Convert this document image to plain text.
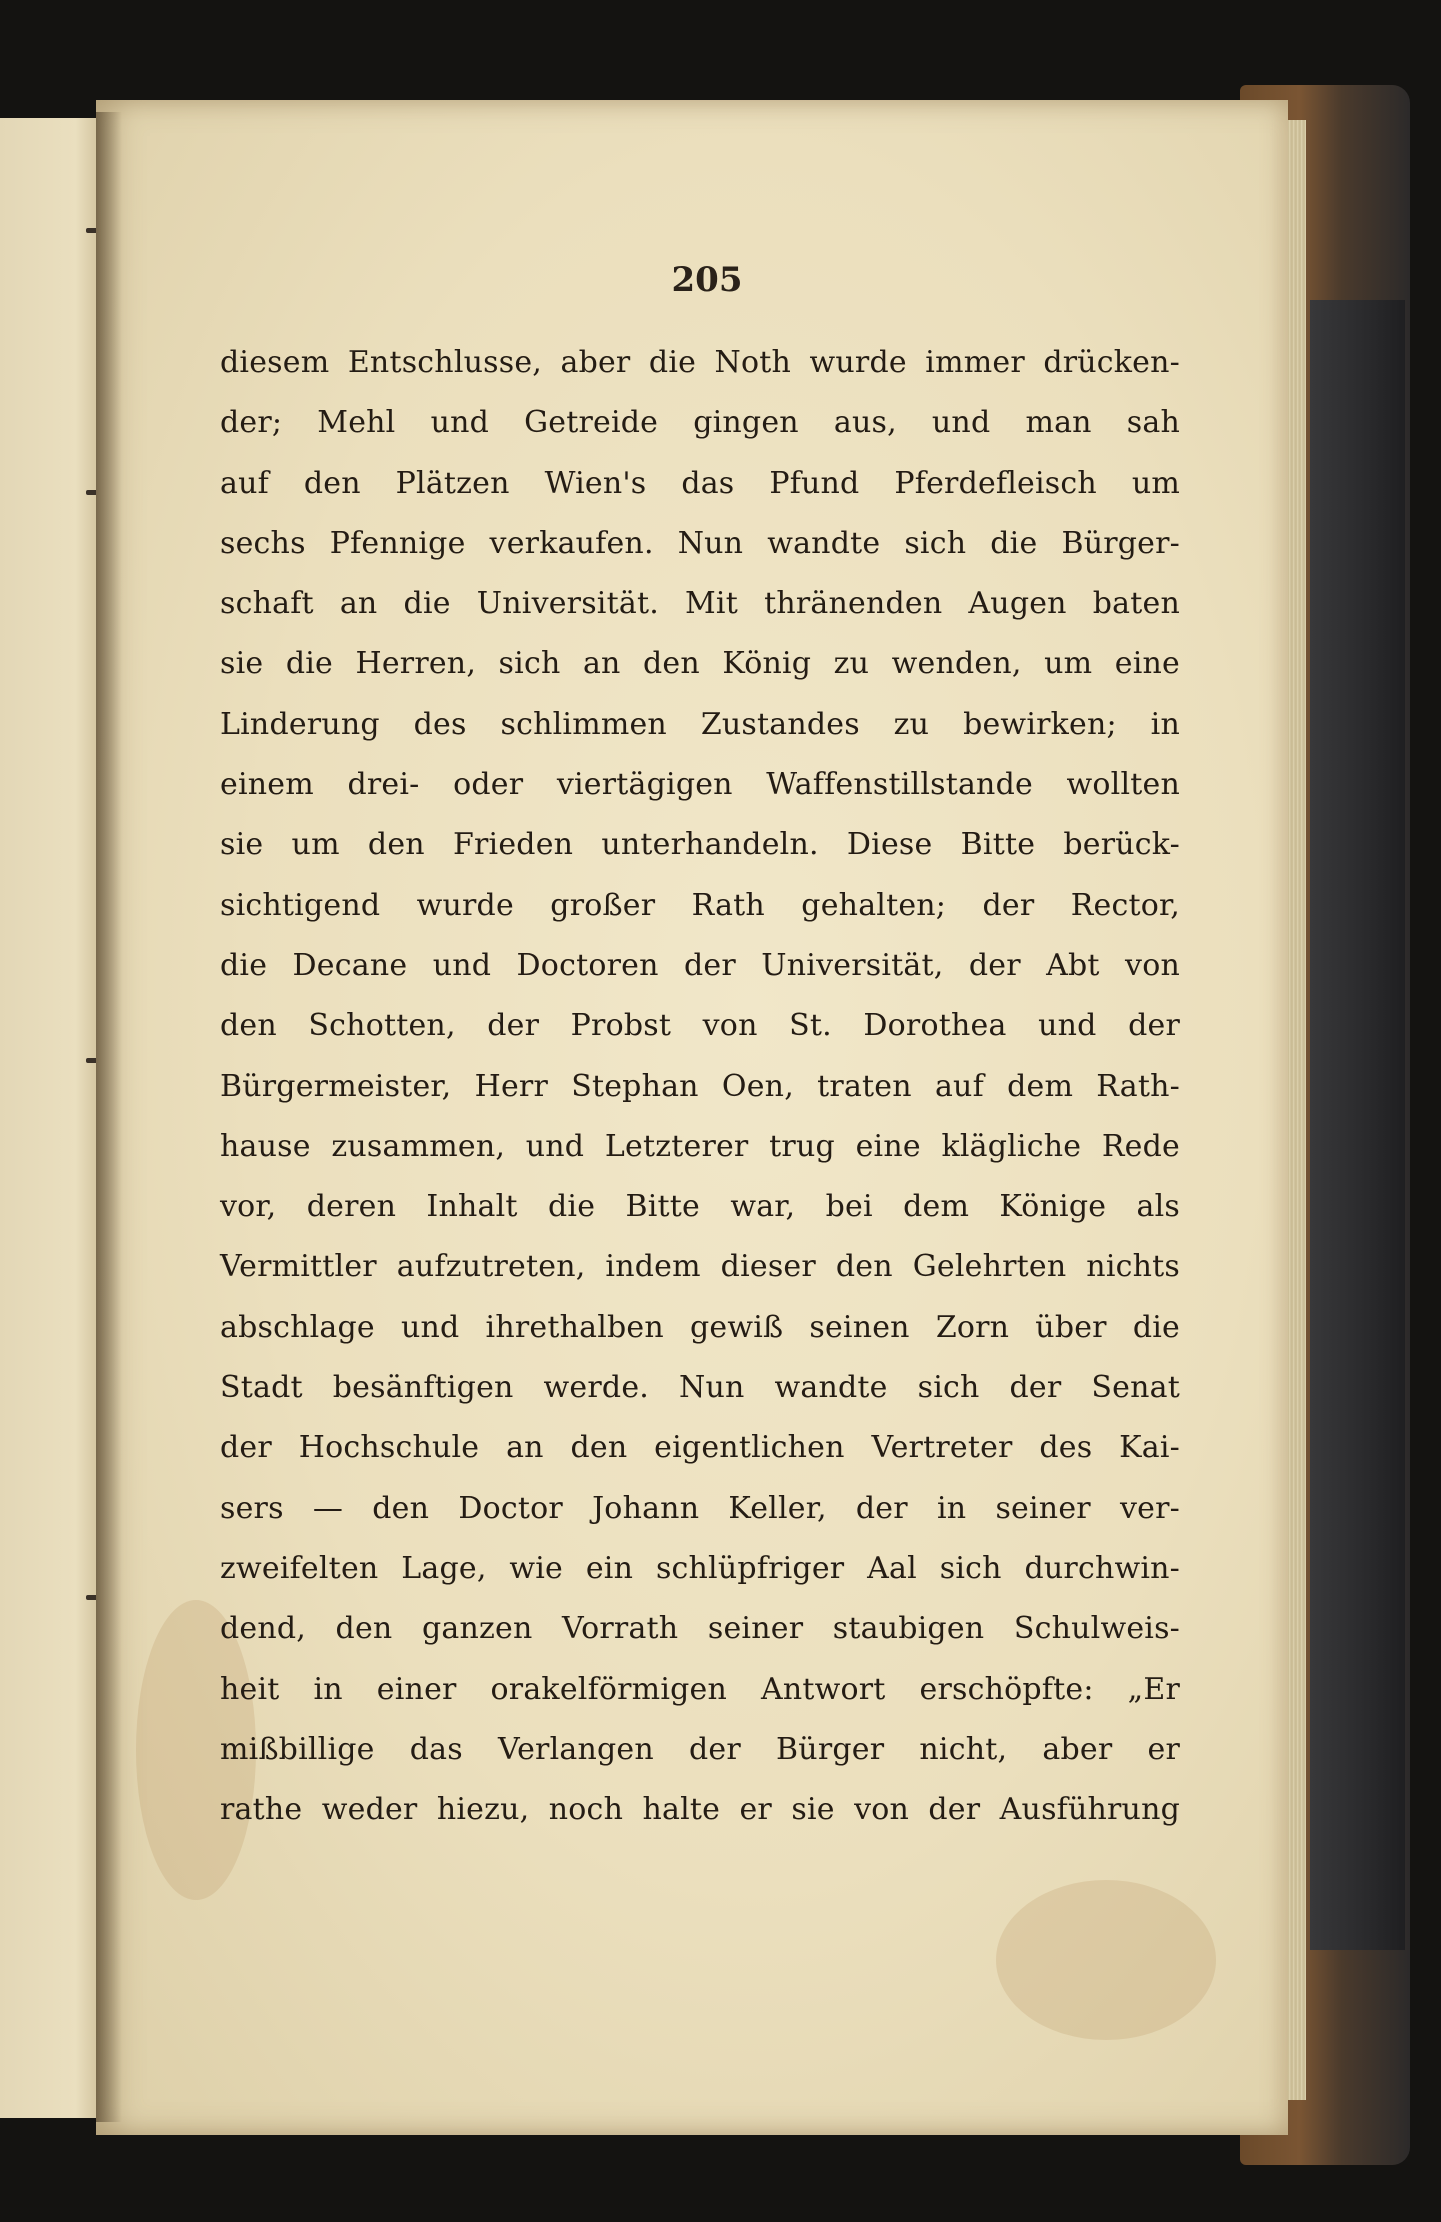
205
diesem Entschlusse, aber die Noth wurde immer drücken-
der; Mehl und Getreide gingen aus, und man sah
auf den Plätzen Wien's das Pfund Pferdefleisch um
sechs Pfennige verkaufen. Nun wandte sich die Bürger-
schaft an die Universität. Mit thränenden Augen baten
sie die Herren, sich an den König zu wenden, um eine
Linderung des schlimmen Zustandes zu bewirken; in
einem drei- oder viertägigen Waffenstillstande wollten
sie um den Frieden unterhandeln. Diese Bitte berück-
sichtigend wurde großer Rath gehalten; der Rector,
die Decane und Doctoren der Universität, der Abt von
den Schotten, der Probst von St. Dorothea und der
Bürgermeister, Herr Stephan Oen, traten auf dem Rath-
hause zusammen, und Letzterer trug eine klägliche Rede
vor, deren Inhalt die Bitte war, bei dem Könige als
Vermittler aufzutreten, indem dieser den Gelehrten nichts
abschlage und ihrethalben gewiß seinen Zorn über die
Stadt besänftigen werde. Nun wandte sich der Senat
der Hochschule an den eigentlichen Vertreter des Kai-
sers — den Doctor Johann Keller, der in seiner ver-
zweifelten Lage, wie ein schlüpfriger Aal sich durchwin-
dend, den ganzen Vorrath seiner staubigen Schulweis-
heit in einer orakelförmigen Antwort erschöpfte: „Er
mißbillige das Verlangen der Bürger nicht, aber er
rathe weder hiezu, noch halte er sie von der Ausführung
